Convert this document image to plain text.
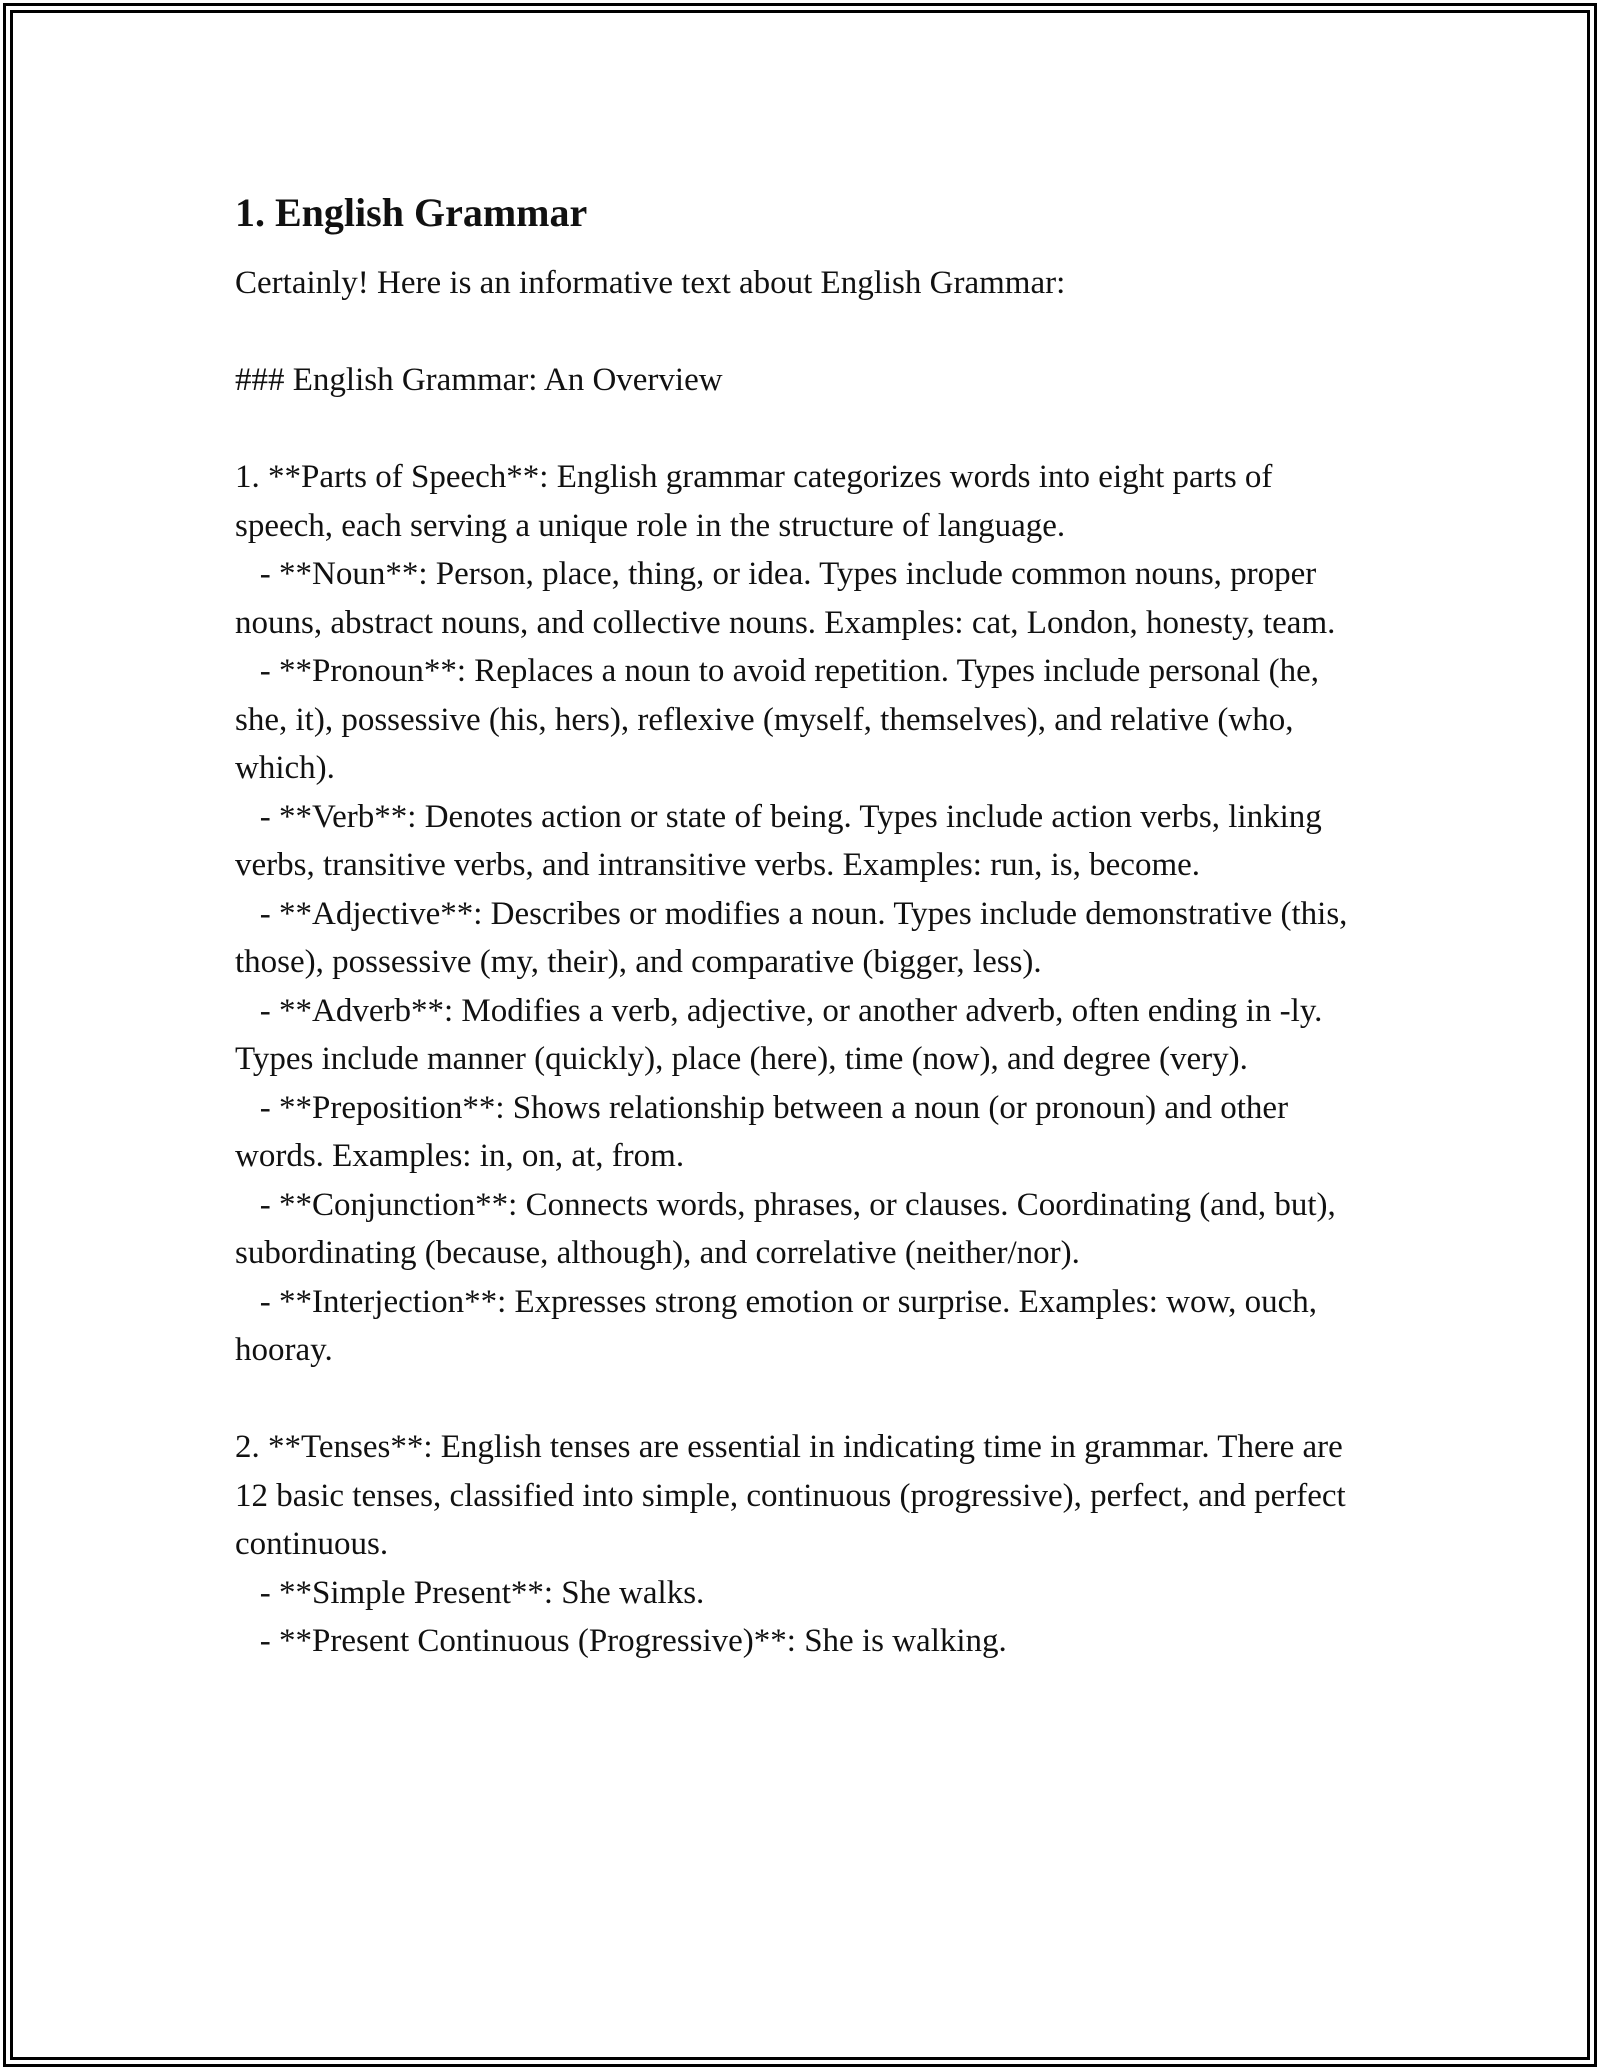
1. English Grammar

Certainly! Here is an informative text about English Grammar:

### English Grammar: An Overview

1. **Parts of Speech**: English grammar categorizes words into eight parts of speech, each serving a unique role in the structure of language.

- **Noun**: Person, place, thing, or idea. Types include common nouns, proper nouns, abstract nouns, and collective nouns. Examples: cat, London, honesty, team.

- **Pronoun**: Replaces a noun to avoid repetition. Types include personal (he, she, it), possessive (his, hers), reflexive (myself, themselves), and relative (who, which).

- **Verb**: Denotes action or state of being. Types include action verbs, linking verbs, transitive verbs, and intransitive verbs. Examples: run, is, become.

- **Adjective**: Describes or modifies a noun. Types include demonstrative (this, those), possessive (my, their), and comparative (bigger, less).

- **Adverb**: Modifies a verb, adjective, or another adverb, often ending in -ly. Types include manner (quickly), place (here), time (now), and degree (very).

- **Preposition**: Shows relationship between a noun (or pronoun) and other words. Examples: in, on, at, from.

- **Conjunction**: Connects words, phrases, or clauses. Coordinating (and, but), subordinating (because, although), and correlative (neither/nor).

- **Interjection**: Expresses strong emotion or surprise. Examples: wow, ouch, hooray.

2. **Tenses**: English tenses are essential in indicating time in grammar. There are 12 basic tenses, classified into simple, continuous (progressive), perfect, and perfect continuous.

- **Simple Present**: She walks.

- **Present Continuous (Progressive)**: She is walking.
